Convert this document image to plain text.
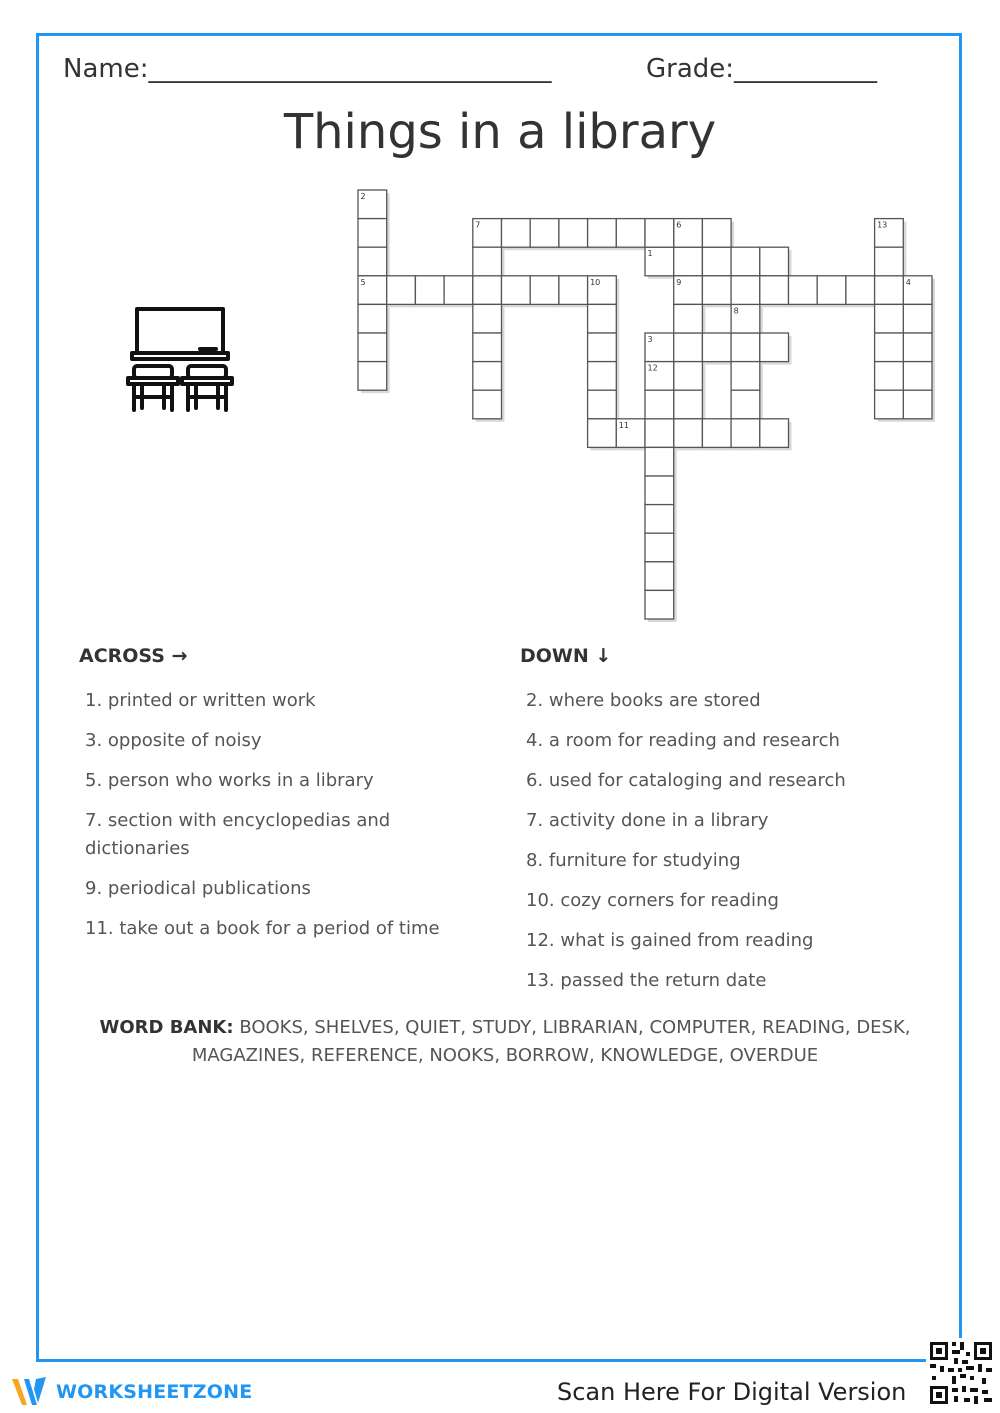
Name:_______________________________	Grade:___________
Things in a library
1
2
5
3
4
10
6
9
7
8
11
12
13
ACROSS →
1. printed or written work
3. opposite of noisy
5. person who works in a library
7. section with encyclopedias and dictionaries
9. periodical publications
11. take out a book for a period of time
DOWN ↓
2. where books are stored
4. a room for reading and research
6. used for cataloging and research
7. activity done in a library
8. furniture for studying
10. cozy corners for reading
12. what is gained from reading
13. passed the return date
WORD BANK: BOOKS, SHELVES, QUIET, STUDY, LIBRARIAN, COMPUTER, READING, DESK, MAGAZINES, REFERENCE, NOOKS, BORROW, KNOWLEDGE, OVERDUE
WORKSHEETZONE	Scan Here For Digital Version
